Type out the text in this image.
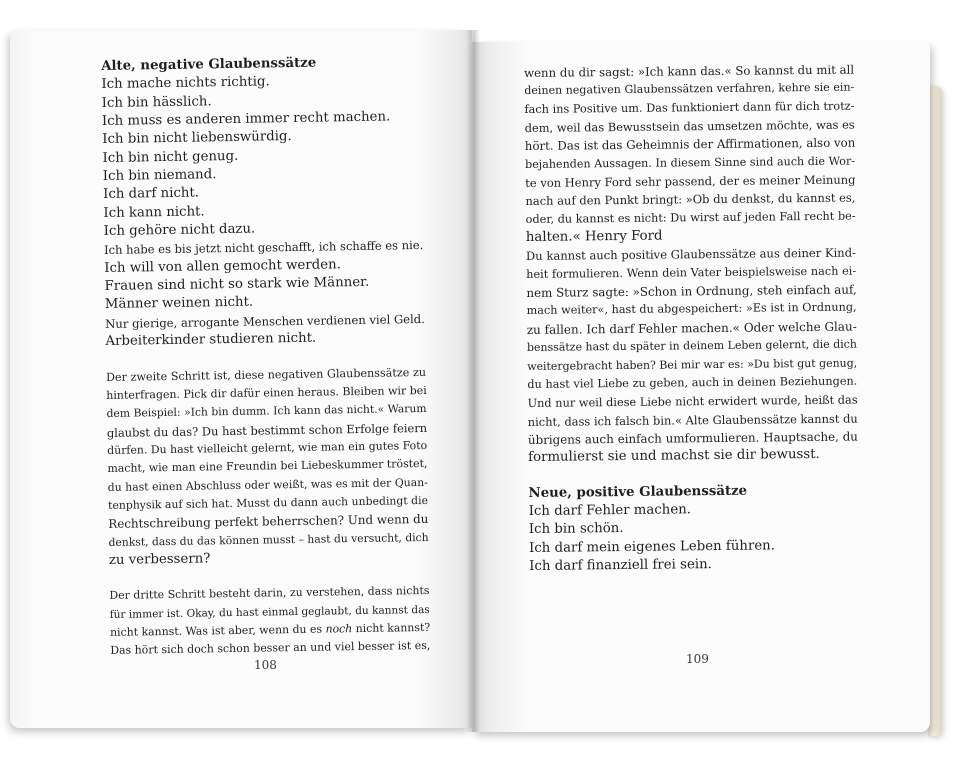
Alte, negative Glaubenssätze
Ich mache nichts richtig.
Ich bin hässlich.
Ich muss es anderen immer recht machen.
Ich bin nicht liebenswürdig.
Ich bin nicht genug.
Ich bin niemand.
Ich darf nicht.
Ich kann nicht.
Ich gehöre nicht dazu.
Ich habe es bis jetzt nicht geschafft, ich schaffe es nie.
Ich will von allen gemocht werden.
Frauen sind nicht so stark wie Männer.
Männer weinen nicht.
Nur gierige, arrogante Menschen verdienen viel Geld.
Arbeiterkinder studieren nicht.
Der zweite Schritt ist, diese negativen Glaubenssätze zu
hinterfragen. Pick dir dafür einen heraus. Bleiben wir bei
dem Beispiel: »Ich bin dumm. Ich kann das nicht.« Warum
glaubst du das? Du hast bestimmt schon Erfolge feiern
dürfen. Du hast vielleicht gelernt, wie man ein gutes Foto
macht, wie man eine Freundin bei Liebeskummer tröstet,
du hast einen Abschluss oder weißt, was es mit der Quan-
tenphysik auf sich hat. Musst du dann auch unbedingt die
Rechtschreibung perfekt beherrschen? Und wenn du
denkst, dass du das können musst – hast du versucht, dich
zu verbessern?
Der dritte Schritt besteht darin, zu verstehen, dass nichts
für immer ist. Okay, du hast einmal geglaubt, du kannst das
nicht kannst. Was ist aber, wenn du es noch nicht kannst?
Das hört sich doch schon besser an und viel besser ist es,
108
wenn du dir sagst: »Ich kann das.« So kannst du mit all
deinen negativen Glaubenssätzen verfahren, kehre sie ein-
fach ins Positive um. Das funktioniert dann für dich trotz-
dem, weil das Bewusstsein das umsetzen möchte, was es
hört. Das ist das Geheimnis der Affirmationen, also von
bejahenden Aussagen. In diesem Sinne sind auch die Wor-
te von Henry Ford sehr passend, der es meiner Meinung
nach auf den Punkt bringt: »Ob du denkst, du kannst es,
oder, du kannst es nicht: Du wirst auf jeden Fall recht be-
halten.« Henry Ford
Du kannst auch positive Glaubenssätze aus deiner Kind-
heit formulieren. Wenn dein Vater beispielsweise nach ei-
nem Sturz sagte: »Schon in Ordnung, steh einfach auf,
mach weiter«, hast du abgespeichert: »Es ist in Ordnung,
zu fallen. Ich darf Fehler machen.« Oder welche Glau-
benssätze hast du später in deinem Leben gelernt, die dich
weitergebracht haben? Bei mir war es: »Du bist gut genug,
du hast viel Liebe zu geben, auch in deinen Beziehungen.
Und nur weil diese Liebe nicht erwidert wurde, heißt das
nicht, dass ich falsch bin.« Alte Glaubenssätze kannst du
übrigens auch einfach umformulieren. Hauptsache, du
formulierst sie und machst sie dir bewusst.
Neue, positive Glaubenssätze
Ich darf Fehler machen.
Ich bin schön.
Ich darf mein eigenes Leben führen.
Ich darf finanziell frei sein.
109
